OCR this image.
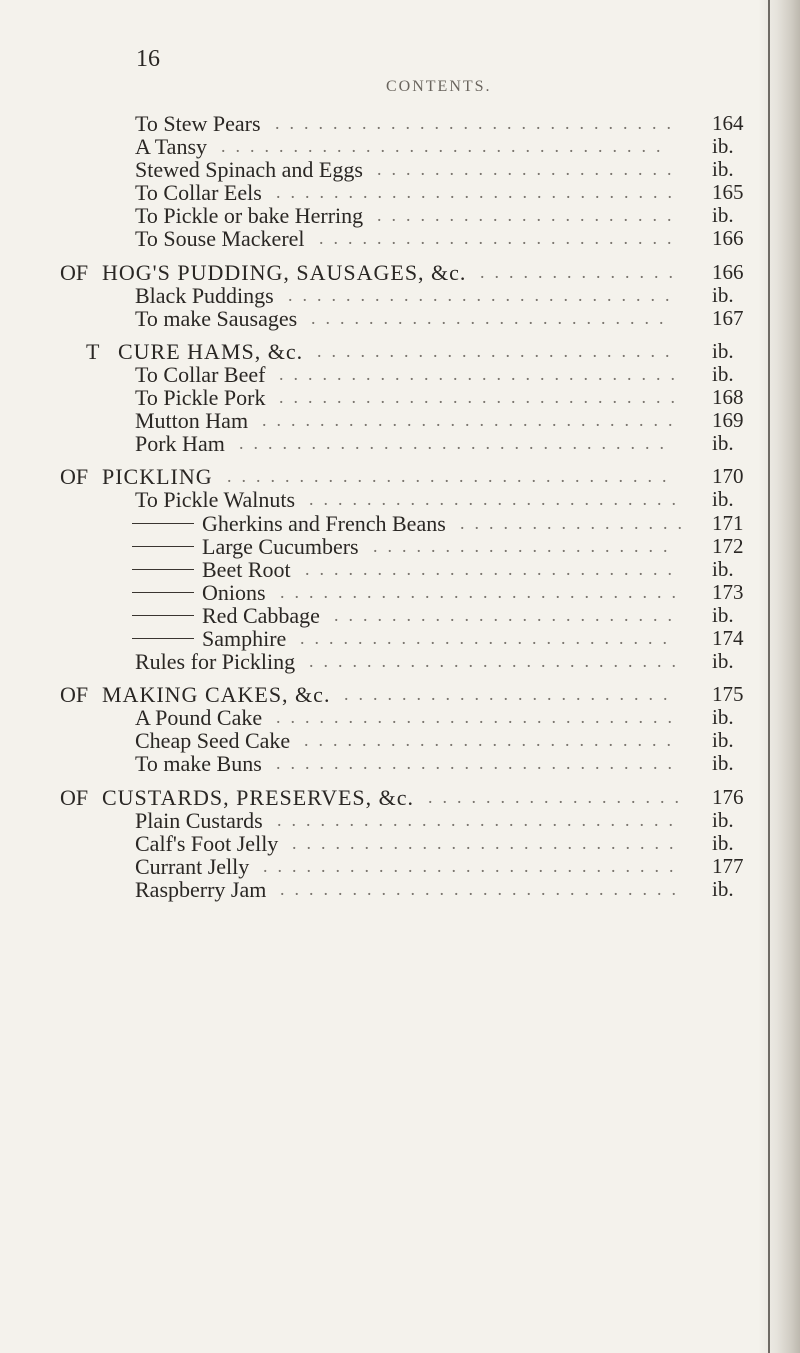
16
CONTENTS.
To Stew Pears ............................	164
A Tansy ...............................	ib.
Stewed Spinach and Eggs .....................	ib.
To Collar Eels ............................	165
To Pickle or bake Herring .....................	ib.
To Souse Mackerel .........................	166
OF HOG'S PUDDING, SAUSAGES, &c. ..............	166
Black Puddings ...........................	ib.
To make Sausages .........................	167
T CURE HAMS, &c. .........................	ib.
To Collar Beef ............................	ib.
To Pickle Pork ............................	168
Mutton Ham .............................	169
Pork Ham ..............................	ib.
OF PICKLING ...............................	170
To Pickle Walnuts ..........................	ib.
Gherkins and French Beans ................ 171
Large Cucumbers .....................	172
Beet Root ..........................	ib.
Onions ............................	173
Red Cabbage ........................	ib.
Samphire ..........................	174
Rules for Pickling ..........................	ib.
OF MAKING CAKES, &c. .......................	175
A Pound Cake ............................	ib.
Cheap Seed Cake ..........................	ib.
To make Buns ............................	ib.
OF CUSTARDS, PRESERVES, &c. ..................	176
Plain Custards ............................	ib.
Calf's Foot Jelly ...........................	ib.
Currant Jelly .............................	177
Raspberry Jam ............................	ib.
